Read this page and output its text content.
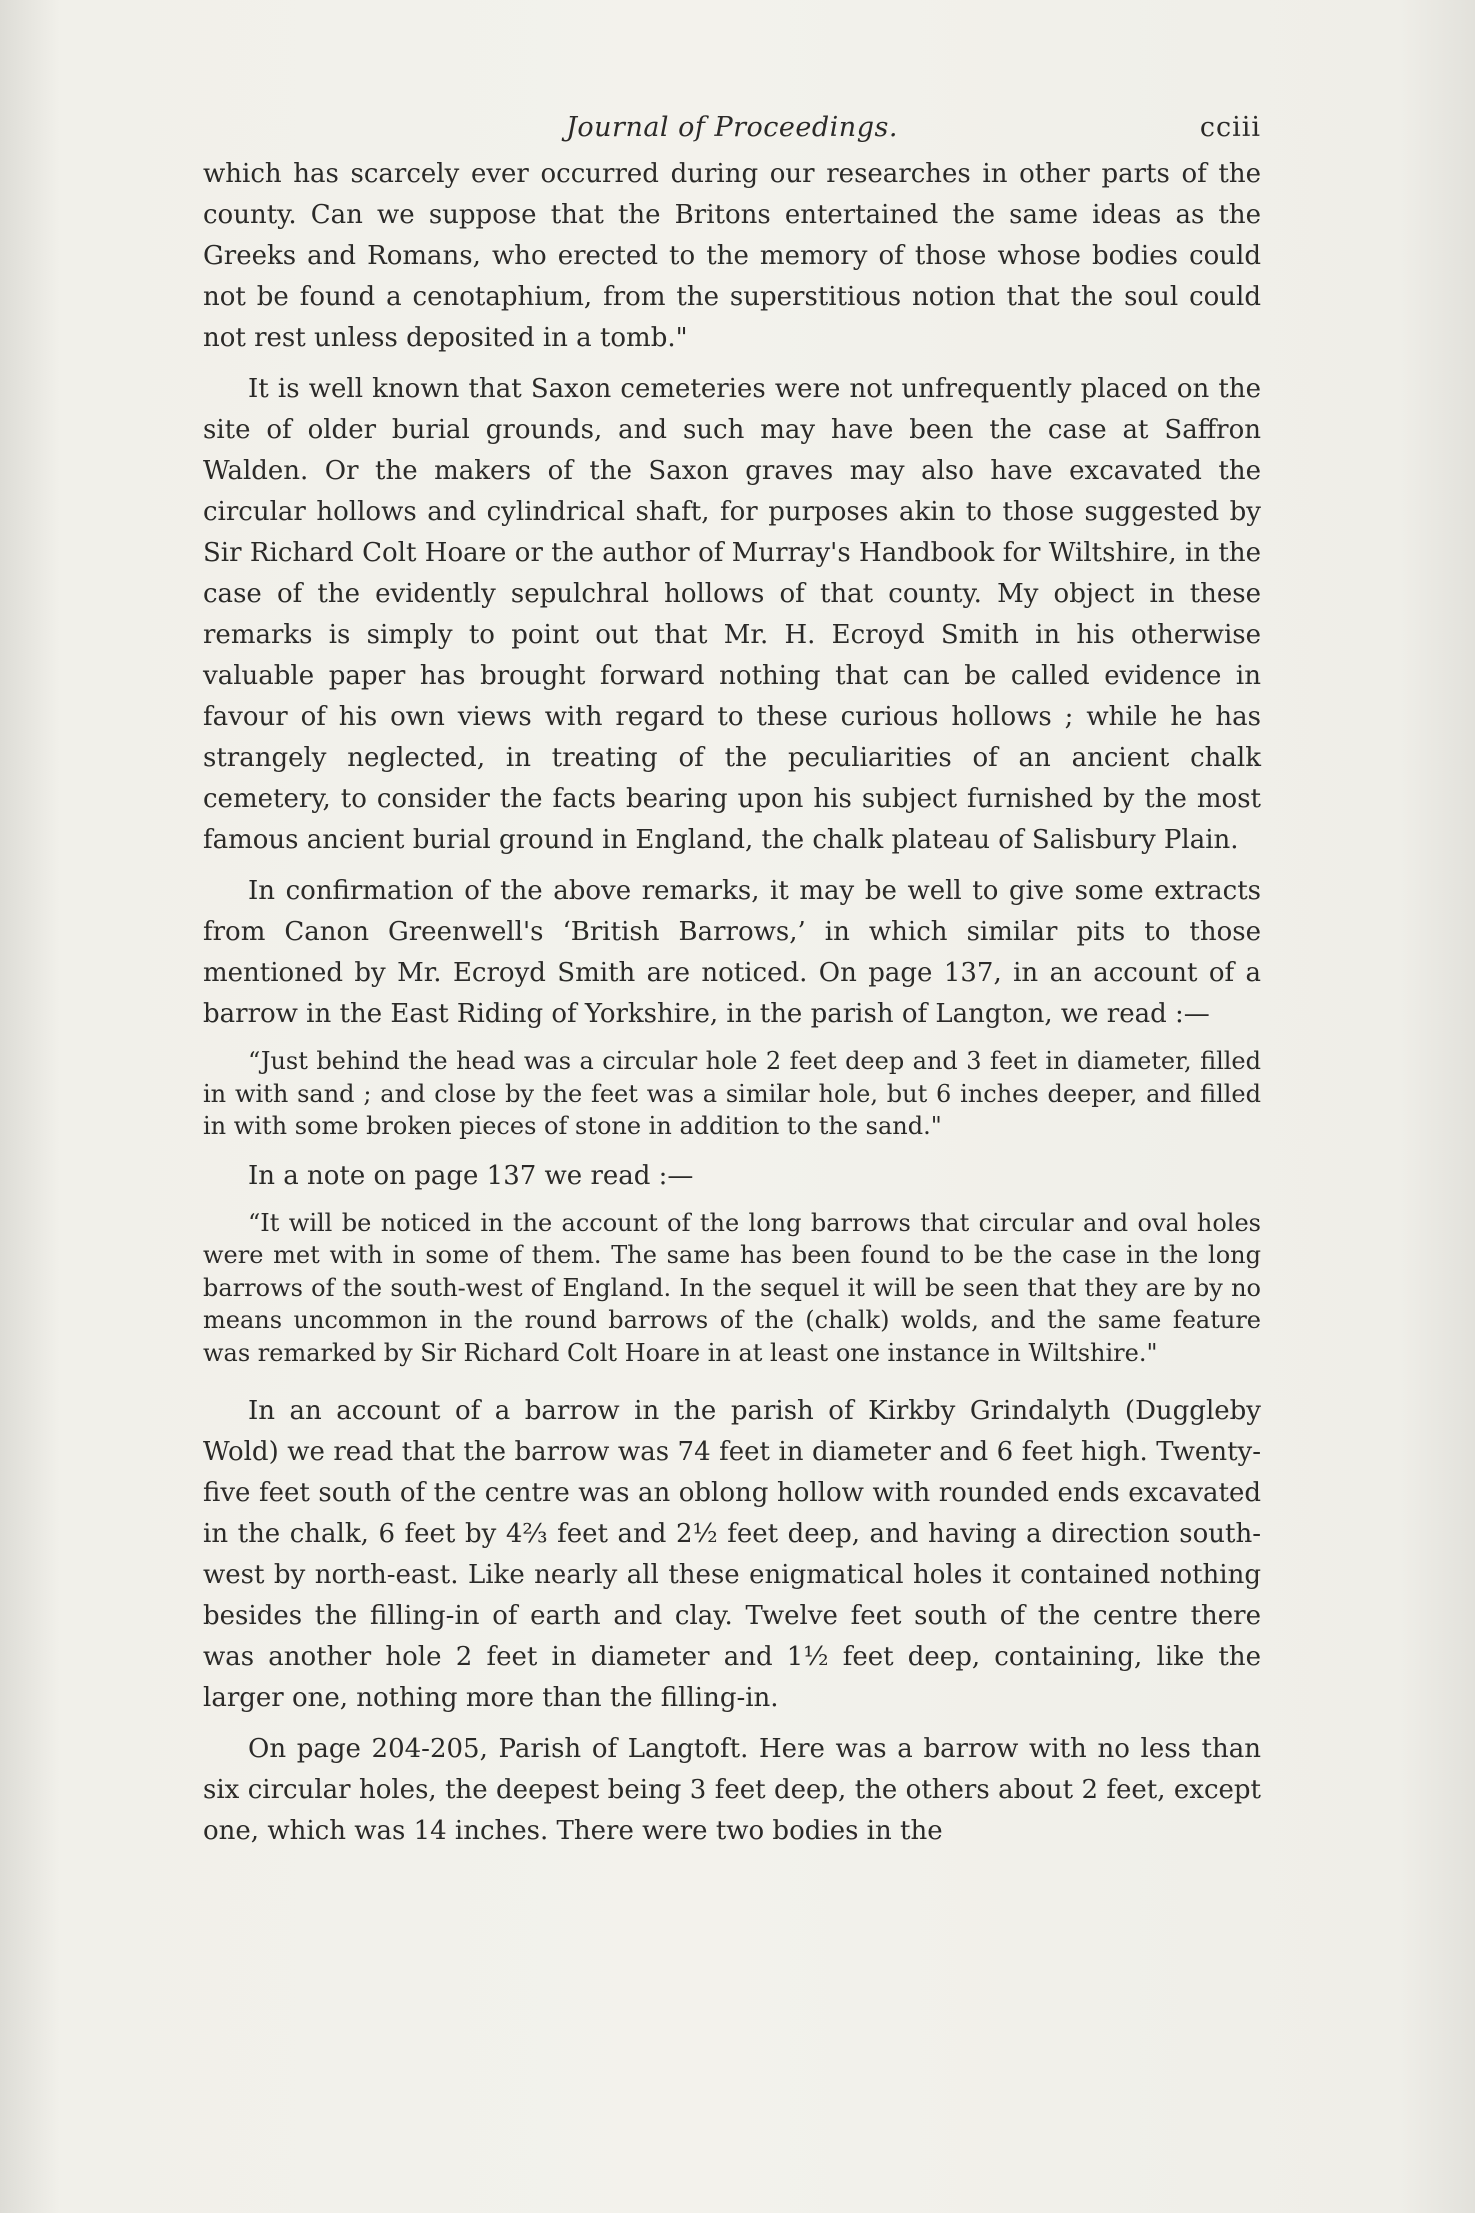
Journal of Proceedings.	cciii

which has scarcely ever occurred during our researches in other parts of the county. Can we suppose that the Britons entertained the same ideas as the Greeks and Romans, who erected to the memory of those whose bodies could not be found a cenotaphium, from the superstitious notion that the soul could not rest unless deposited in a tomb."

It is well known that Saxon cemeteries were not unfrequently placed on the site of older burial grounds, and such may have been the case at Saffron Walden. Or the makers of the Saxon graves may also have excavated the circular hollows and cylindrical shaft, for purposes akin to those suggested by Sir Richard Colt Hoare or the author of Murray's Handbook for Wiltshire, in the case of the evidently sepulchral hollows of that county. My object in these remarks is simply to point out that Mr. H. Ecroyd Smith in his otherwise valuable paper has brought forward nothing that can be called evidence in favour of his own views with regard to these curious hollows ; while he has strangely neglected, in treating of the peculiarities of an ancient chalk cemetery, to consider the facts bearing upon his subject furnished by the most famous ancient burial ground in England, the chalk plateau of Salisbury Plain.

In confirmation of the above remarks, it may be well to give some extracts from Canon Greenwell's ‘British Barrows,’ in which similar pits to those mentioned by Mr. Ecroyd Smith are noticed. On page 137, in an account of a barrow in the East Riding of Yorkshire, in the parish of Langton, we read :—

“Just behind the head was a circular hole 2 feet deep and 3 feet in diameter, filled in with sand ; and close by the feet was a similar hole, but 6 inches deeper, and filled in with some broken pieces of stone in addition to the sand."

In a note on page 137 we read :—

“It will be noticed in the account of the long barrows that circular and oval holes were met with in some of them. The same has been found to be the case in the long barrows of the south-west of England. In the sequel it will be seen that they are by no means uncommon in the round barrows of the (chalk) wolds, and the same feature was remarked by Sir Richard Colt Hoare in at least one instance in Wiltshire."

In an account of a barrow in the parish of Kirkby Grindalyth (Duggleby Wold) we read that the barrow was 74 feet in diameter and 6 feet high. Twenty-five feet south of the centre was an oblong hollow with rounded ends excavated in the chalk, 6 feet by 4⅔ feet and 2½ feet deep, and having a direction south-west by north-east. Like nearly all these enigmatical holes it contained nothing besides the filling-in of earth and clay. Twelve feet south of the centre there was another hole 2 feet in diameter and 1½ feet deep, containing, like the larger one, nothing more than the filling-in.

On page 204-205, Parish of Langtoft. Here was a barrow with no less than six circular holes, the deepest being 3 feet deep, the others about 2 feet, except one, which was 14 inches. There were two bodies in the
